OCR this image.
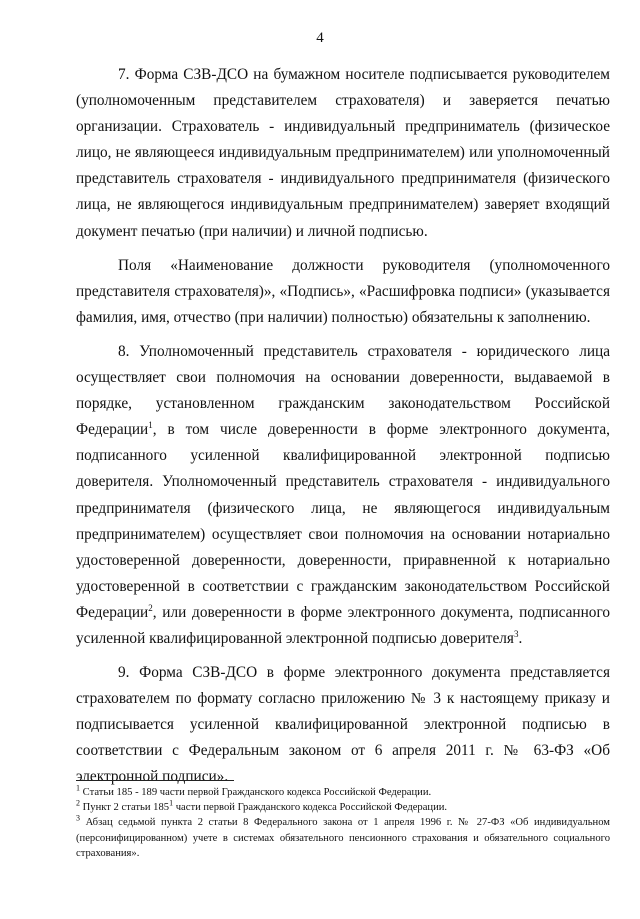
4

7. Форма СЗВ-ДСО на бумажном носителе подписывается руководителем (уполномоченным представителем страхователя) и заверяется печатью организации. Страхователь - индивидуальный предприниматель (физическое лицо, не являющееся индивидуальным предпринимателем) или уполномоченный представитель страхователя - индивидуального предпринимателя (физического лица, не являющегося индивидуальным предпринимателем) заверяет входящий документ печатью (при наличии) и личной подписью.

Поля «Наименование должности руководителя (уполномоченного представителя страхователя)», «Подпись», «Расшифровка подписи» (указывается фамилия, имя, отчество (при наличии) полностью) обязательны к заполнению.

8. Уполномоченный представитель страхователя - юридического лица осуществляет свои полномочия на основании доверенности, выдаваемой в порядке, установленном гражданским законодательством Российской Федерации$^1$, в том числе доверенности в форме электронного документа, подписанного усиленной квалифицированной электронной подписью доверителя. Уполномоченный представитель страхователя - индивидуального предпринимателя (физического лица, не являющегося индивидуальным предпринимателем) осуществляет свои полномочия на основании нотариально удостоверенной доверенности, доверенности, приравненной к нотариально удостоверенной в соответствии с гражданским законодательством Российской Федерации$^2$, или доверенности в форме электронного документа, подписанного усиленной квалифицированной электронной подписью доверителя$^3$.

9. Форма СЗВ-ДСО в форме электронного документа представляется страхователем по формату согласно приложению № 3 к настоящему приказу и подписывается усиленной квалифицированной электронной подписью в соответствии с Федеральным законом от 6 апреля 2011 г. № 63-ФЗ «Об электронной подписи».

$^1$ Статьи 185 - 189 части первой Гражданского кодекса Российской Федерации.

$^2$ Пункт 2 статьи $185^1$ части первой Гражданского кодекса Российской Федерации.

$^3$ Абзац седьмой пункта 2 статьи 8 Федерального закона от 1 апреля 1996 г. № 27-ФЗ «Об индивидуальном (персонифицированном) учете в системах обязательного пенсионного страхования и обязательного социального страхования».
